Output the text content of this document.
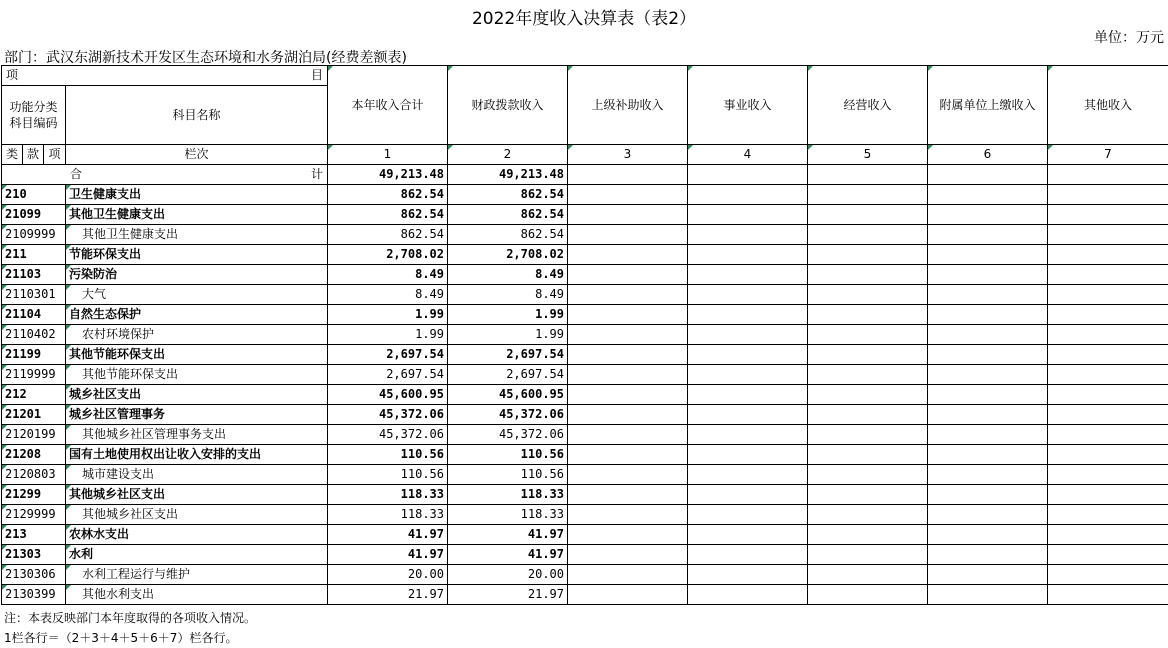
2022年度收入决算表（表2）
单位：万元
部门：武汉东湖新技术开发区生态环境和水务湖泊局(经费差额表)
项 目				本年收入合计	财政拨款收入	上级补助收入	事业收入	经营收入	附属单位上缴收入	其他收入
功能分类科目编码			科目名称							

类	款	项	栏次	1	2	3	4	5	6	7

合 计				49,213.48	49,213.48					
210			卫生健康支出	862.54	862.54					
21099			其他卫生健康支出	862.54	862.54					
2109999			其他卫生健康支出	862.54	862.54					
211			节能环保支出	2,708.02	2,708.02					
21103			污染防治	8.49	8.49					
2110301			大气	8.49	8.49					
21104			自然生态保护	1.99	1.99					
2110402			农村环境保护	1.99	1.99					
21199			其他节能环保支出	2,697.54	2,697.54					
2119999			其他节能环保支出	2,697.54	2,697.54					
212			城乡社区支出	45,600.95	45,600.95					
21201			城乡社区管理事务	45,372.06	45,372.06					
2120199			其他城乡社区管理事务支出	45,372.06	45,372.06					
21208			国有土地使用权出让收入安排的支出	110.56	110.56					
2120803			城市建设支出	110.56	110.56					
21299			其他城乡社区支出	118.33	118.33					
2129999			其他城乡社区支出	118.33	118.33					
213			农林水支出	41.97	41.97					
21303			水利	41.97	41.97					
2130306			水利工程运行与维护	20.00	20.00					
2130399			其他水利支出	21.97	21.97					
注：本表反映部门本年度取得的各项收入情况。
1栏各行＝（2＋3＋4＋5＋6＋7）栏各行。
